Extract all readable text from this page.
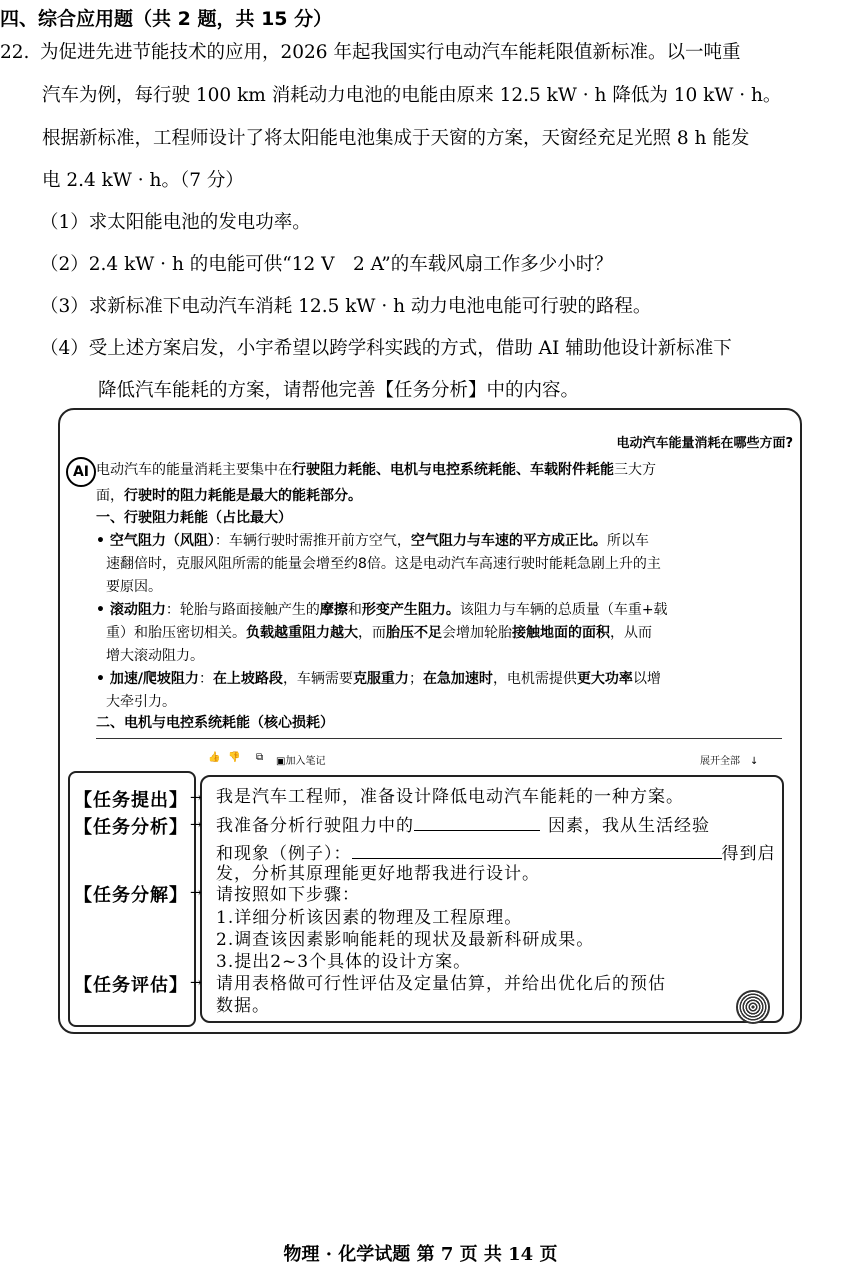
四、综合应用题（共 2 题，共 15 分）
22. 为促进先进节能技术的应用，2026 年起我国实行电动汽车能耗限值新标准。以一吨重
汽车为例，每行驶 100 km 消耗动力电池的电能由原来 12.5 kW · h 降低为 10 kW · h。
根据新标准，工程师设计了将太阳能电池集成于天窗的方案，天窗经充足光照 8 h 能发
电 2.4 kW · h。（7 分）
（1）求太阳能电池的发电功率。
（2）2.4 kW · h 的电能可供“12 V　2 A”的车载风扇工作多少小时？
（3）求新标准下电动汽车消耗 12.5 kW · h 动力电池电能可行驶的路程。
（4）受上述方案启发，小宇希望以跨学科实践的方式，借助 AI 辅助他设计新标准下
降低汽车能耗的方案，请帮他完善【任务分析】中的内容。
电动汽车能量消耗在哪些方面?
AI 电动汽车的能量消耗主要集中在行驶阻力耗能、电机与电控系统耗能、车载附件耗能三大方
面，行驶时的阻力耗能是最大的能耗部分。
一、行驶阻力耗能（占比最大）
• 空气阻力（风阻）：车辆行驶时需推开前方空气，空气阻力与车速的平方成正比。所以车
速翻倍时，克服风阻所需的能量会增至约8倍。这是电动汽车高速行驶时能耗急剧上升的主
要原因。
• 滚动阻力：轮胎与路面接触产生的摩擦和形变产生阻力。该阻力与车辆的总质量（车重+载
重）和胎压密切相关。负载越重阻力越大，而胎压不足会增加轮胎接触地面的面积，从而
增大滚动阻力。
• 加速/爬坡阻力：在上坡路段，车辆需要克服重力；在急加速时，电机需提供更大功率以增
大牵引力。
二、电机与电控系统耗能（核心损耗）
👍 👎 ⧉ ▣加入笔记	展开全部 ↓
【任务提出】
【任务分析】
【任务分解】
【任务评估】
→
→
→
→
我是汽车工程师，准备设计降低电动汽车能耗的一种方案。
我准备分析行驶阻力中的	因素，我从生活经验
和现象（例子）：	得到启
发，分析其原理能更好地帮我进行设计。
请按照如下步骤：
1.详细分析该因素的物理及工程原理。
2.调查该因素影响能耗的现状及最新科研成果。
3.提出2~3个具体的设计方案。
请用表格做可行性评估及定量估算，并给出优化后的预估
数据。
物理 · 化学试题 第 7 页 共 14 页
